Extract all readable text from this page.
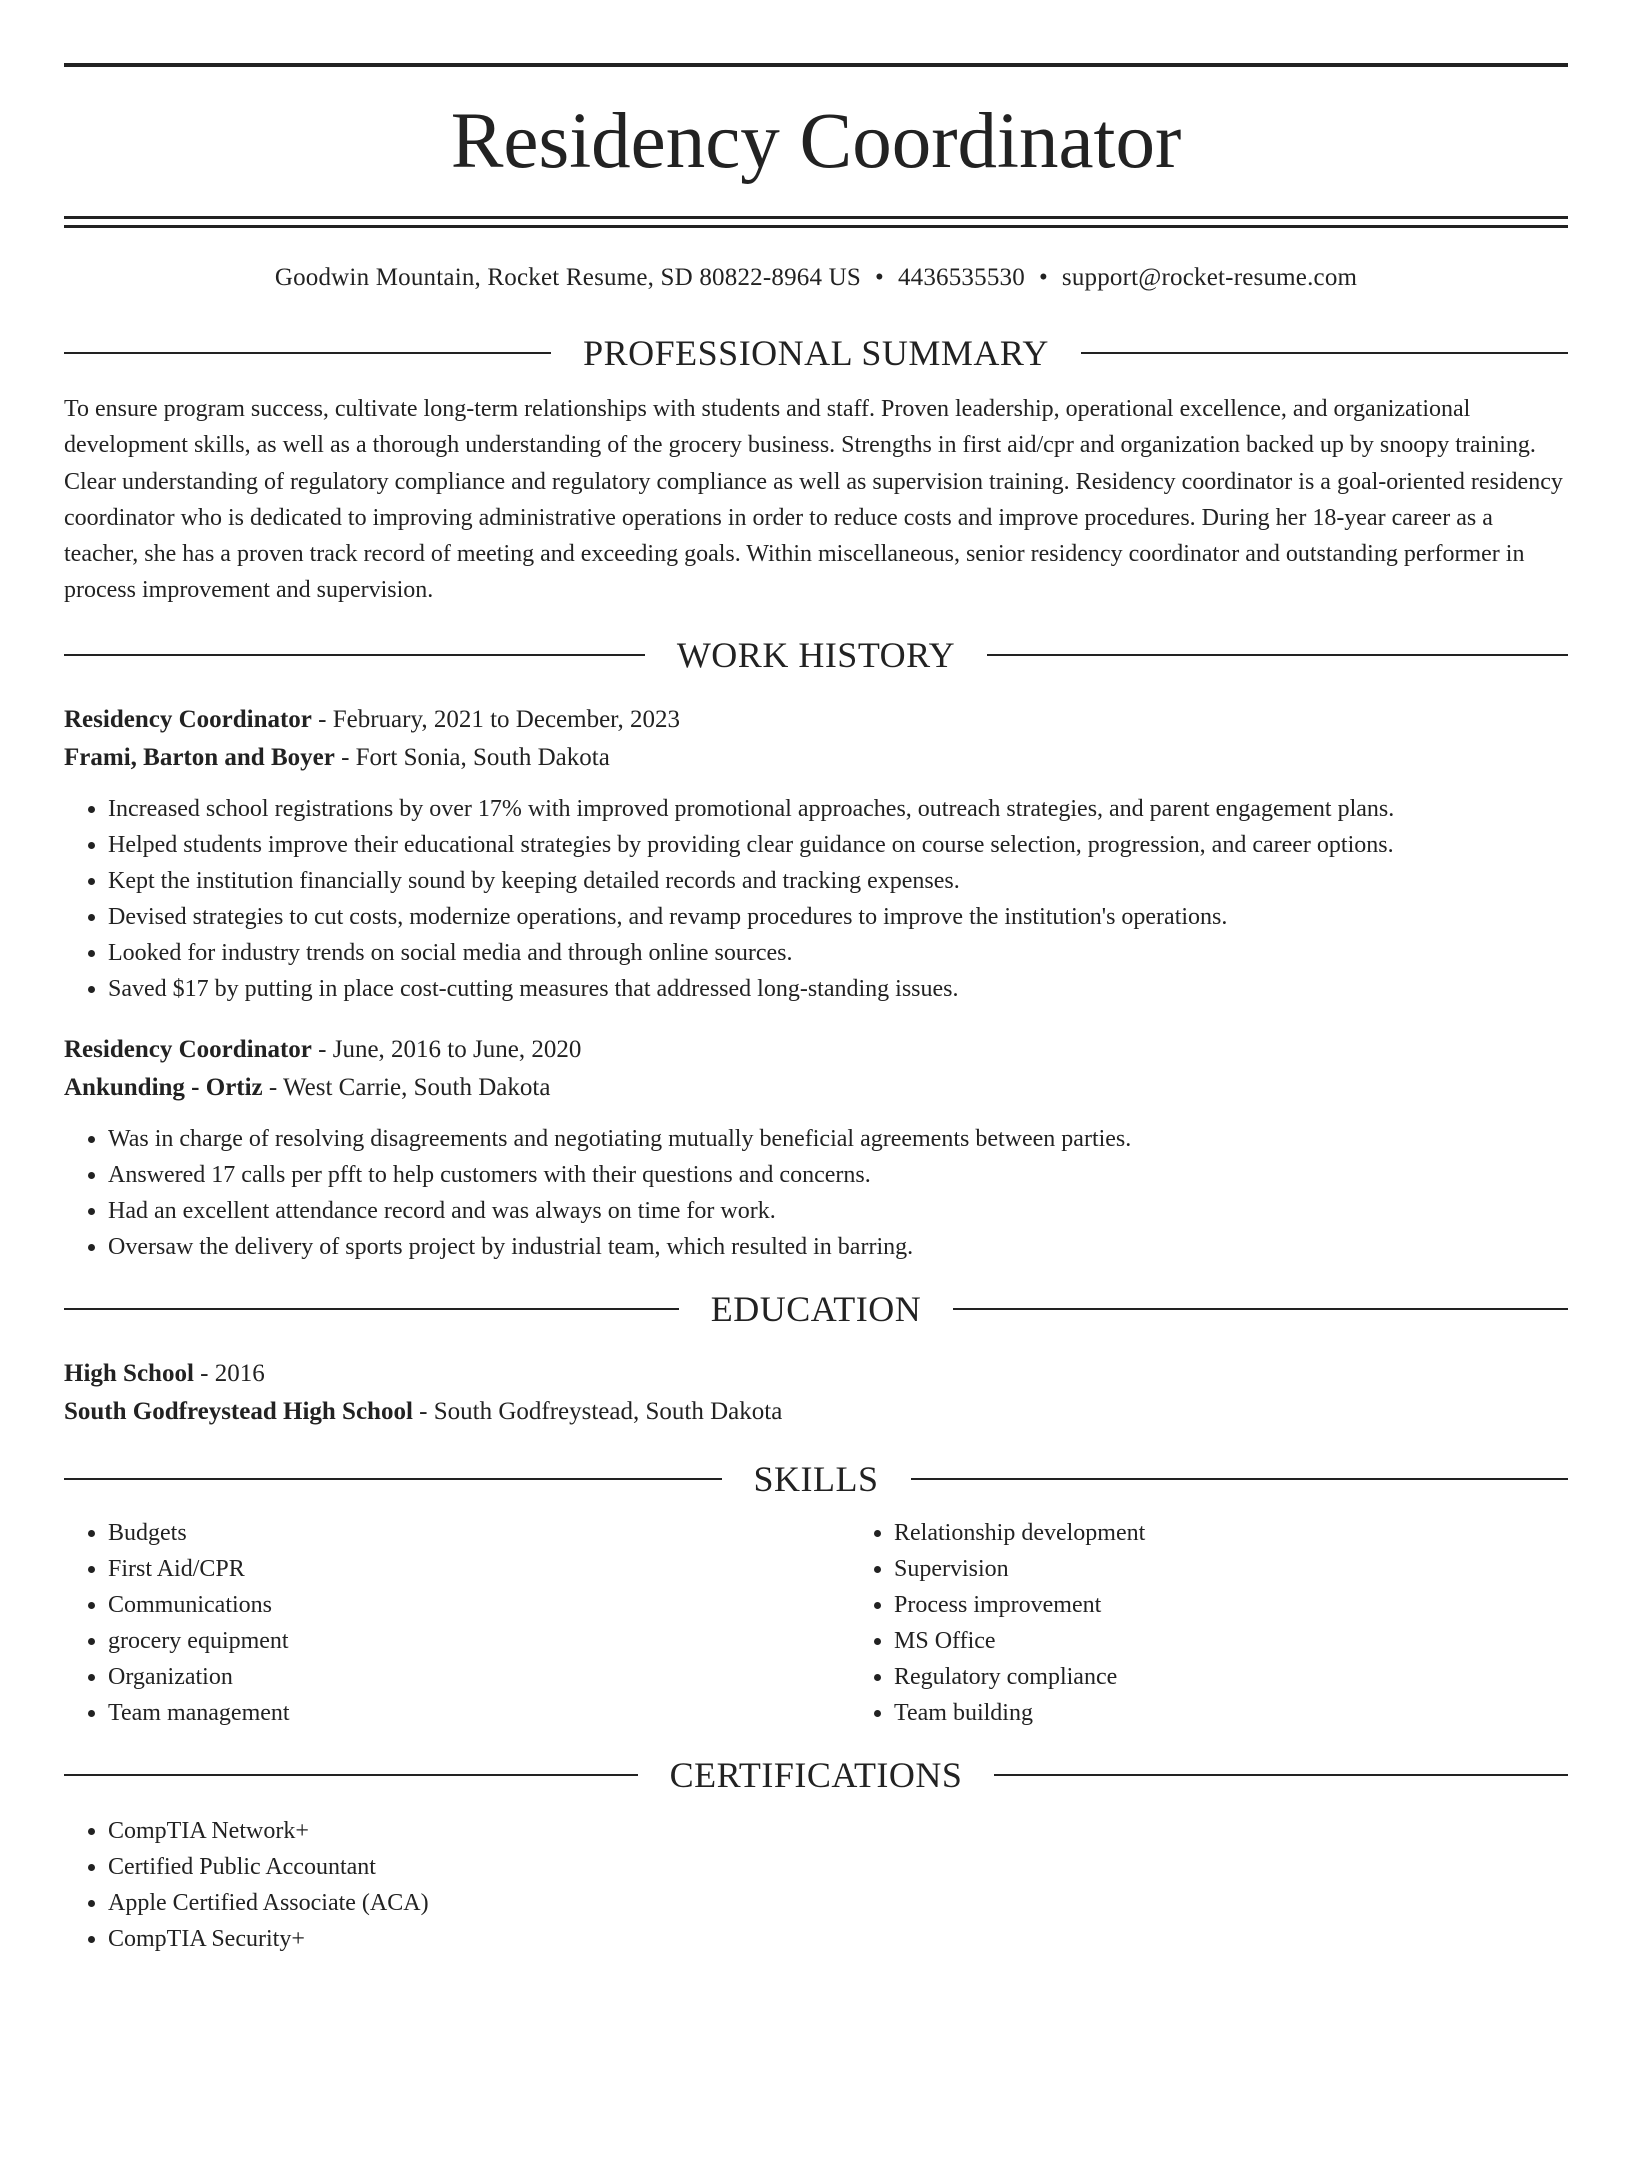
Residency Coordinator
Goodwin Mountain, Rocket Resume, SD 80822-8964 US • 4436535530 • support@rocket-resume.com
PROFESSIONAL SUMMARY
To ensure program success, cultivate long-term relationships with students and staff. Proven leadership, operational excellence, and organizational development skills, as well as a thorough understanding of the grocery business. Strengths in first aid/cpr and organization backed up by snoopy training. Clear understanding of regulatory compliance and regulatory compliance as well as supervision training. Residency coordinator is a goal-oriented residency coordinator who is dedicated to improving administrative operations in order to reduce costs and improve procedures. During her 18-year career as a teacher, she has a proven track record of meeting and exceeding goals. Within miscellaneous, senior residency coordinator and outstanding performer in process improvement and supervision.
WORK HISTORY
Residency Coordinator - February, 2021 to December, 2023
Frami, Barton and Boyer - Fort Sonia, South Dakota
• Increased school registrations by over 17% with improved promotional approaches, outreach strategies, and parent engagement plans.
• Helped students improve their educational strategies by providing clear guidance on course selection, progression, and career options.
• Kept the institution financially sound by keeping detailed records and tracking expenses.
• Devised strategies to cut costs, modernize operations, and revamp procedures to improve the institution's operations.
• Looked for industry trends on social media and through online sources.
• Saved $17 by putting in place cost-cutting measures that addressed long-standing issues.
Residency Coordinator - June, 2016 to June, 2020
Ankunding - Ortiz - West Carrie, South Dakota
• Was in charge of resolving disagreements and negotiating mutually beneficial agreements between parties.
• Answered 17 calls per pfft to help customers with their questions and concerns.
• Had an excellent attendance record and was always on time for work.
• Oversaw the delivery of sports project by industrial team, which resulted in barring.
EDUCATION
High School - 2016
South Godfreystead High School - South Godfreystead, South Dakota
SKILLS
• Budgets
• First Aid/CPR
• Communications
• grocery equipment
• Organization
• Team management
• Relationship development
• Supervision
• Process improvement
• MS Office
• Regulatory compliance
• Team building
CERTIFICATIONS
• CompTIA Network+
• Certified Public Accountant
• Apple Certified Associate (ACA)
• CompTIA Security+
